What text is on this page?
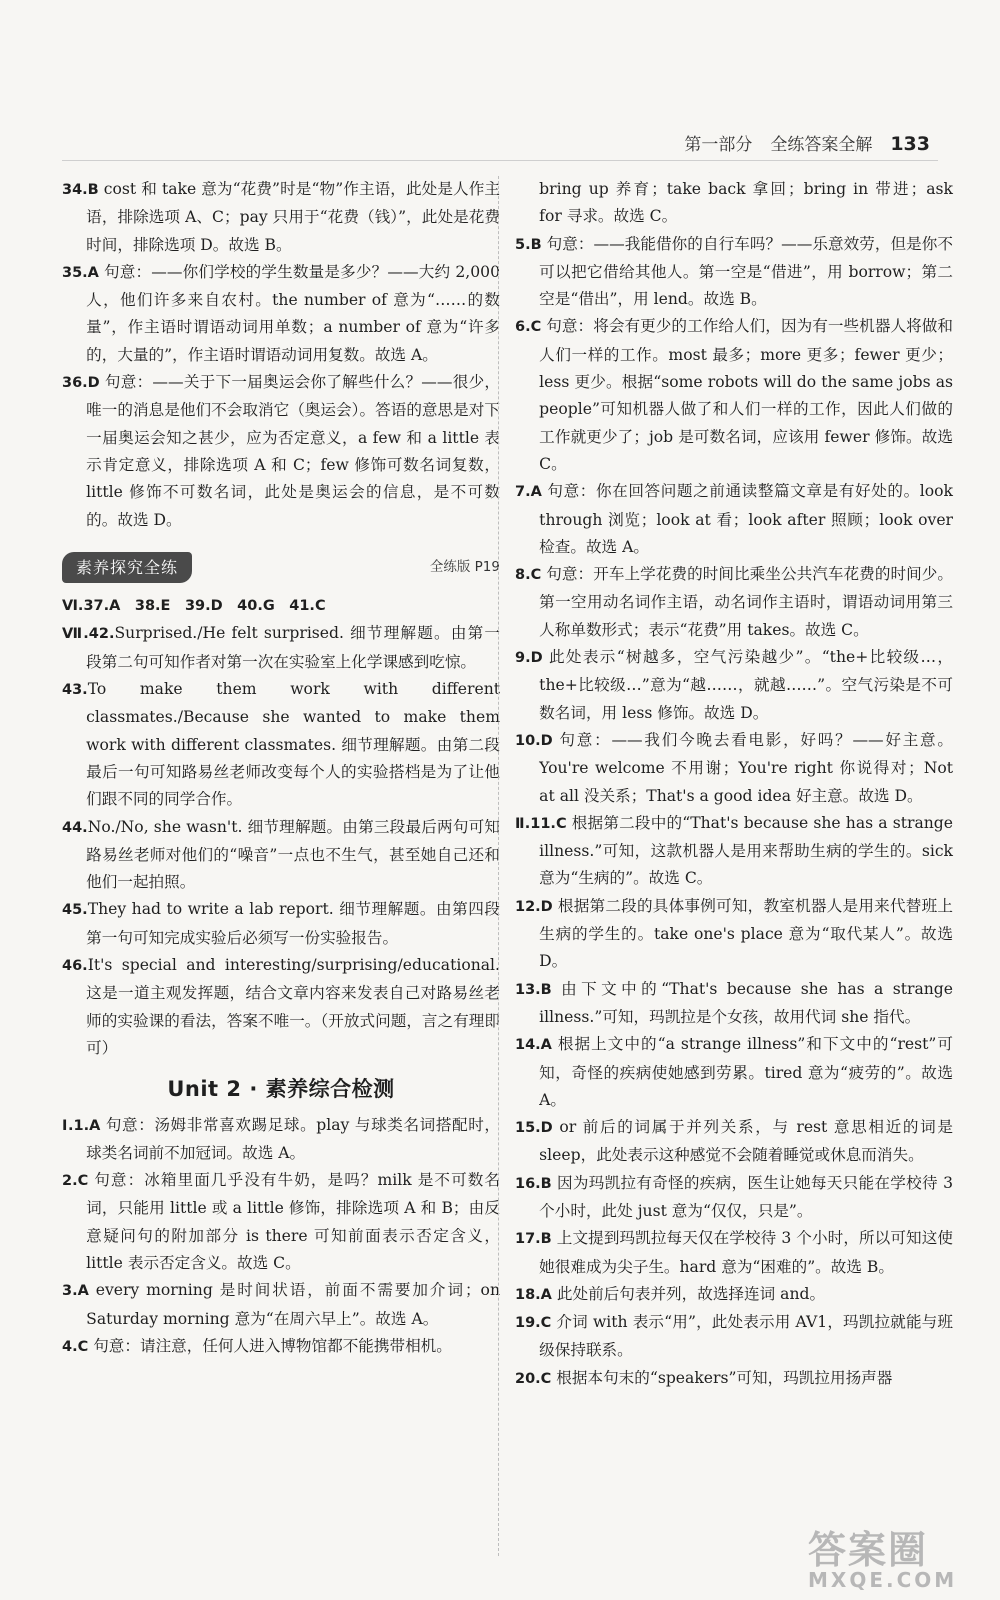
第一部分 全练答案全解 133

34.B cost 和 take 意为“花费”时是“物”作主语，此处是人作主语，排除选项 A、C；pay 只用于“花费（钱）”，此处是花费时间，排除选项 D。故选 B。

35.A 句意：——你们学校的学生数量是多少？——大约 2,000 人，他们许多来自农村。the number of 意为“……的数量”，作主语时谓语动词用单数；a number of 意为“许多的，大量的”，作主语时谓语动词用复数。故选 A。

36.D 句意：——关于下一届奥运会你了解些什么？——很少，唯一的消息是他们不会取消它（奥运会）。答语的意思是对下一届奥运会知之甚少，应为否定意义，a few 和 a little 表示肯定意义，排除选项 A 和 C；few 修饰可数名词复数，little 修饰不可数名词，此处是奥运会的信息，是不可数的。故选 D。

素养探究全练	全练版 P19

Ⅵ.37.A　38.E　39.D　40.G　41.C

Ⅶ.42.Surprised./He felt surprised. 细节理解题。由第一段第二句可知作者对第一次在实验室上化学课感到吃惊。

43.To make them work with different classmates./Because she wanted to make them work with different classmates. 细节理解题。由第二段最后一句可知路易丝老师改变每个人的实验搭档是为了让他们跟不同的同学合作。

44.No./No, she wasn't. 细节理解题。由第三段最后两句可知路易丝老师对他们的“噪音”一点也不生气，甚至她自己还和他们一起拍照。

45.They had to write a lab report. 细节理解题。由第四段第一句可知完成实验后必须写一份实验报告。

46.It's special and interesting/surprising/educational. 这是一道主观发挥题，结合文章内容来发表自己对路易丝老师的实验课的看法，答案不唯一。（开放式问题，言之有理即可）

Unit 2 · 素养综合检测

Ⅰ.1.A 句意：汤姆非常喜欢踢足球。play 与球类名词搭配时，球类名词前不加冠词。故选 A。

2.C 句意：冰箱里面几乎没有牛奶，是吗？milk 是不可数名词，只能用 little 或 a little 修饰，排除选项 A 和 B；由反意疑问句的附加部分 is there 可知前面表示否定含义，little 表示否定含义。故选 C。

3.A every morning 是时间状语，前面不需要加介词；on Saturday morning 意为“在周六早上”。故选 A。

4.C 句意：请注意，任何人进入博物馆都不能携带相机。

bring up 养育；take back 拿回；bring in 带进；ask for 寻求。故选 C。

5.B 句意：——我能借你的自行车吗？——乐意效劳，但是你不可以把它借给其他人。第一空是“借进”，用 borrow；第二空是“借出”，用 lend。故选 B。

6.C 句意：将会有更少的工作给人们，因为有一些机器人将做和人们一样的工作。most 最多；more 更多；fewer 更少；less 更少。根据“some robots will do the same jobs as people”可知机器人做了和人们一样的工作，因此人们做的工作就更少了；job 是可数名词，应该用 fewer 修饰。故选 C。

7.A 句意：你在回答问题之前通读整篇文章是有好处的。look through 浏览；look at 看；look after 照顾；look over 检查。故选 A。

8.C 句意：开车上学花费的时间比乘坐公共汽车花费的时间少。第一空用动名词作主语，动名词作主语时，谓语动词用第三人称单数形式；表示“花费”用 takes。故选 C。

9.D 此处表示“树越多，空气污染越少”。“the+比较级…，the+比较级…”意为“越……，就越……”。空气污染是不可数名词，用 less 修饰。故选 D。

10.D 句意：——我们今晚去看电影，好吗？——好主意。You're welcome 不用谢；You're right 你说得对；Not at all 没关系；That's a good idea 好主意。故选 D。

Ⅱ.11.C 根据第二段中的“That's because she has a strange illness.”可知，这款机器人是用来帮助生病的学生的。sick 意为“生病的”。故选 C。

12.D 根据第二段的具体事例可知，教室机器人是用来代替班上生病的学生的。take one's place 意为“取代某人”。故选 D。

13.B 由下文中的“That's because she has a strange illness.”可知，玛凯拉是个女孩，故用代词 she 指代。

14.A 根据上文中的“a strange illness”和下文中的“rest”可知，奇怪的疾病使她感到劳累。tired 意为“疲劳的”。故选 A。

15.D or 前后的词属于并列关系，与 rest 意思相近的词是 sleep，此处表示这种感觉不会随着睡觉或休息而消失。

16.B 因为玛凯拉有奇怪的疾病，医生让她每天只能在学校待 3 个小时，此处 just 意为“仅仅，只是”。

17.B 上文提到玛凯拉每天仅在学校待 3 个小时，所以可知这使她很难成为尖子生。hard 意为“困难的”。故选 B。

18.A 此处前后句表并列，故选择连词 and。

19.C 介词 with 表示“用”，此处表示用 AV1，玛凯拉就能与班级保持联系。

20.C 根据本句末的“speakers”可知，玛凯拉用扬声器

答案圈
MXQE.COM
